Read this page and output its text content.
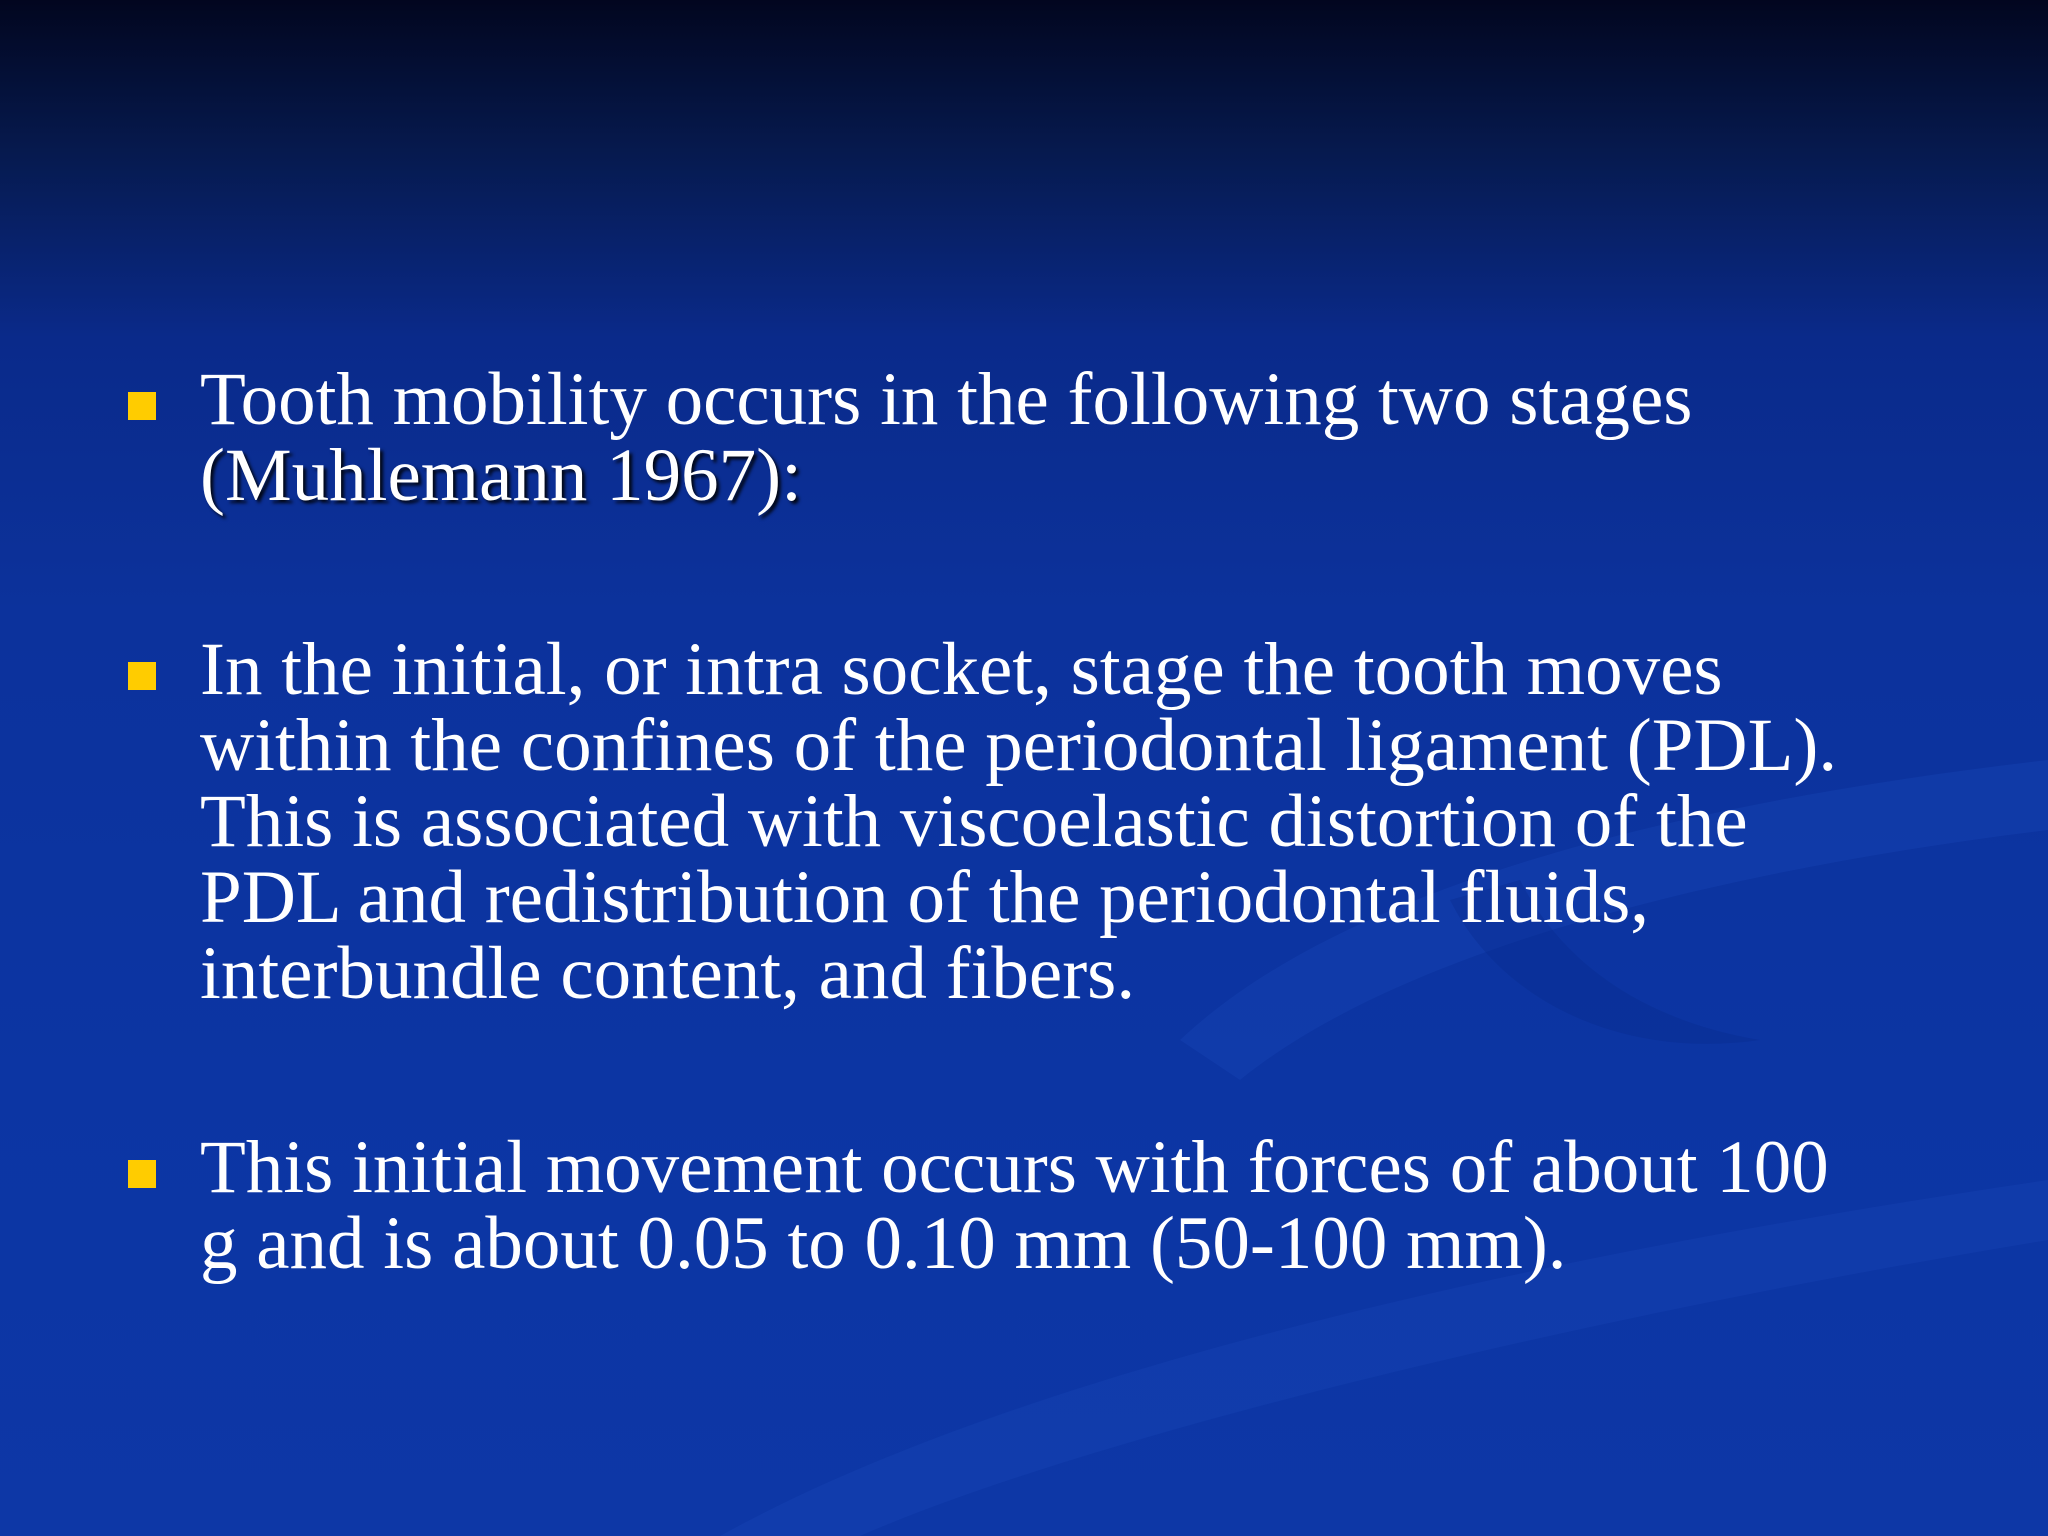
Tooth mobility occurs in the following two stages
(Muhlemann 1967):
In the initial, or intra socket, stage the tooth moves
within the confines of the periodontal ligament (PDL).
This is associated with viscoelastic distortion of the
PDL and redistribution of the periodontal fluids,
interbundle content, and fibers.
This initial movement occurs with forces of about 100
g and is about 0.05 to 0.10 mm (50-100 mm).
